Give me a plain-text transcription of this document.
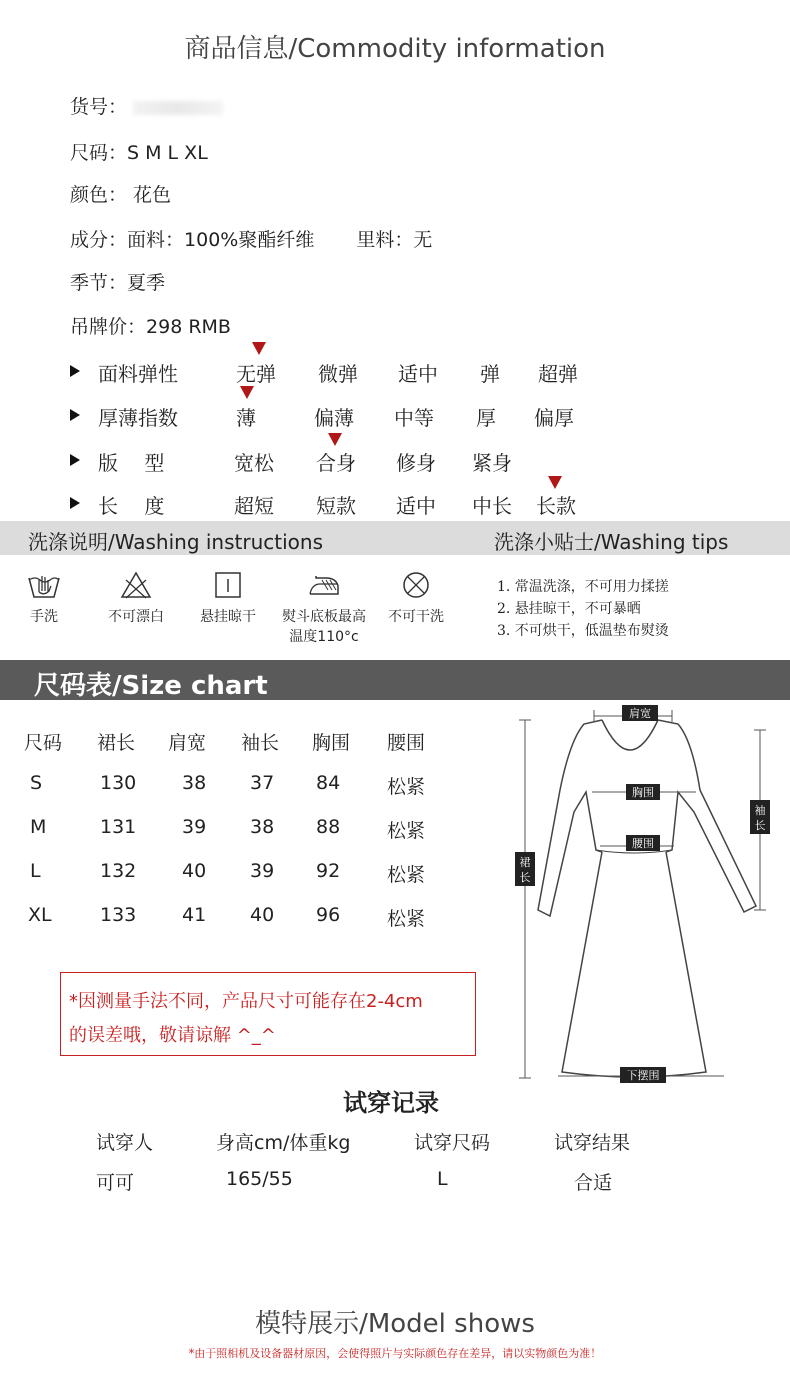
商品信息/Commodity information
货号：
尺码：S M L XL
颜色： 花色
成分：面料：100%聚酯纤维 里料：无
季节：夏季
吊牌价：298 RMB
面料弹性	无弹 微弹 适中 弹 超弹
厚薄指数	薄	偏薄 中等 厚 偏厚
版　 型	宽松 合身 修身 紧身
长　 度	超短 短款 适中 中长 长款
洗涤说明/Washing instructions	洗涤小贴士/Washing tips
手洗	不可漂白	悬挂晾干	熨斗底板最高
温度110°c
不可干洗
1. 常温洗涤，不可用力揉搓
2. 悬挂晾干，不可暴晒
3. 不可烘干，低温垫布熨烫
尺码表/Size chart
尺码 裙长 肩宽 袖长 胸围 腰围
S	130 38 37 84 松紧
M	131 39 38 88 松紧
L	132 40 39 92 松紧
XL	133 41 40 96 松紧

*因测量手法不同，产品尺寸可能存在2-4cm

的误差哦，敬请谅解 ^_^

肩宽
胸围
腰围
袖
长
裙
长
下摆围
试穿记录
试穿人	身高cm/体重kg	试穿尺码	试穿结果
可可	165/55	L	合适
模特展示/Model shows
*由于照相机及设备器材原因，会使得照片与实际颜色存在差异，请以实物颜色为准！
